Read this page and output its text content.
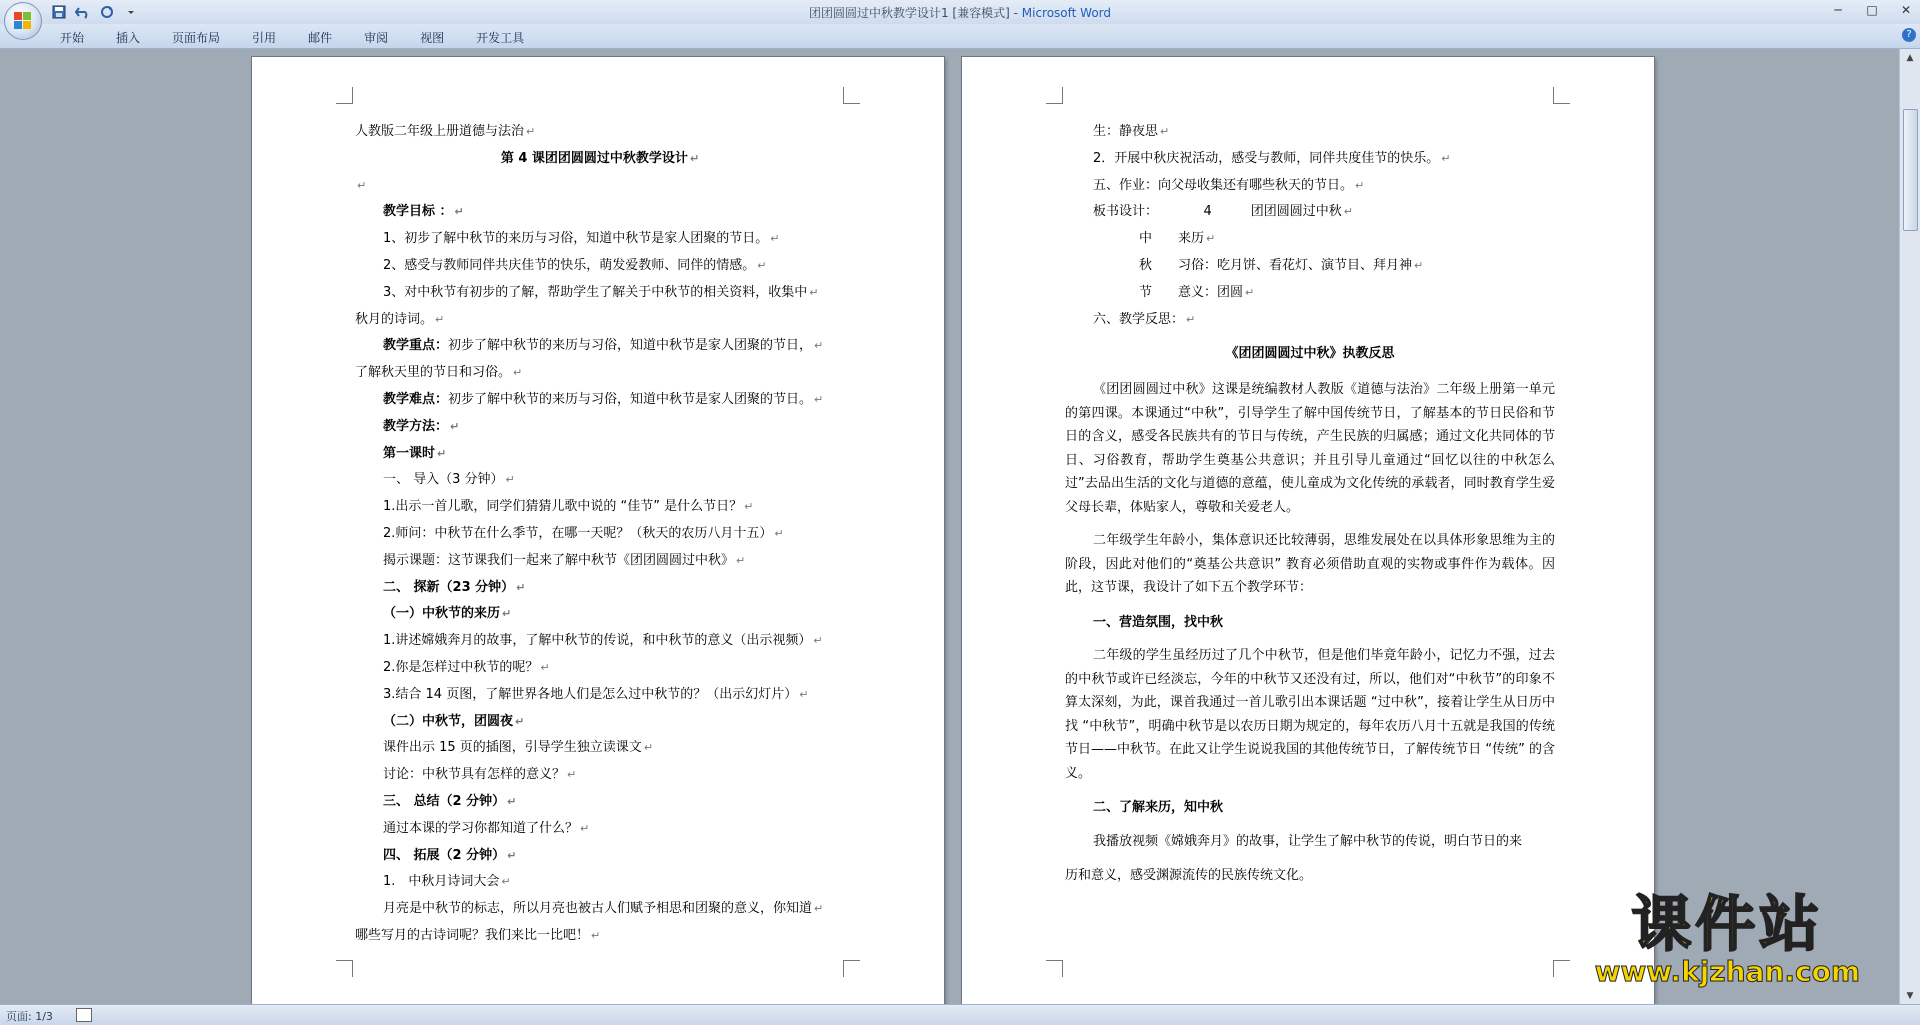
团团圆圆过中秋教学设计1 [兼容模式] - Microsoft Word	─	□	✕
开始	插入	页面布局	引用	邮件	审阅	视图	开发工具	?
人教版二年级上册道德与法治 ↵
第 4 课团团圆圆过中秋教学设计 ↵
↵
教学目标 ： ↵
1、初步了解中秋节的来历与习俗，知道中秋节是家人团聚的节日。 ↵
2、感受与教师同伴共庆佳节的快乐，萌发爱教师、同伴的情感。 ↵
3、对中秋节有初步的了解，帮助学生了解关于中秋节的相关资料，收集中 ↵
秋月的诗词。 ↵
教学重点：初步了解中秋节的来历与习俗，知道中秋节是家人团聚的节日， ↵
了解秋天里的节日和习俗。 ↵
教学难点：初步了解中秋节的来历与习俗，知道中秋节是家人团聚的节日。 ↵
教学方法： ↵
第一课时 ↵
一、 导入（3 分钟） ↵
1.出示一首儿歌，同学们猜猜儿歌中说的 “佳节” 是什么节日？ ↵
2.师问：中秋节在什么季节，在哪一天呢？（秋天的农历八月十五） ↵
揭示课题：这节课我们一起来了解中秋节《团团圆圆过中秋》 ↵
二、 探新（23 分钟） ↵
（一）中秋节的来历 ↵
1.讲述嫦娥奔月的故事，了解中秋节的传说，和中秋节的意义（出示视频） ↵
2.你是怎样过中秋节的呢？ ↵
3.结合 14 页图，了解世界各地人们是怎么过中秋节的？（出示幻灯片） ↵
（二）中秋节，团圆夜 ↵
课件出示 15 页的插图，引导学生独立读课文 ↵
讨论：中秋节具有怎样的意义？ ↵
三、 总结（2 分钟） ↵
通过本课的学习你都知道了什么？ ↵
四、 拓展（2 分钟） ↵
1.　中秋月诗词大会 ↵
月亮是中秋节的标志，所以月亮也被古人们赋予相思和团聚的意义，你知道 ↵
哪些写月的古诗词呢？我们来比一比吧！ ↵
生：静夜思 ↵
2．开展中秋庆祝活动，感受与教师，同伴共度佳节的快乐。 ↵
五、作业：向父母收集还有哪些秋天的节日。 ↵
板书设计：　　　　4　　　团团圆圆过中秋 ↵
中　　来历 ↵
秋　　习俗：吃月饼、看花灯、演节目、拜月神 ↵
节　　意义：团圆 ↵
六、教学反思： ↵
《团团圆圆过中秋》执教反思
《团团圆圆过中秋》这课是统编教材人教版《道德与法治》二年级上册第一单元的第四课。本课通过“中秋”，引导学生了解中国传统节日，了解基本的节日民俗和节日的含义，感受各民族共有的节日与传统，产生民族的归属感；通过文化共同体的节日、习俗教育，帮助学生奠基公共意识；并且引导儿童通过“回忆以往的中秋怎么过”去品出生活的文化与道德的意蕴，使儿童成为文化传统的承载者，同时教育学生爱父母长辈，体贴家人，尊敬和关爱老人。
二年级学生年龄小，集体意识还比较薄弱，思维发展处在以具体形象思维为主的阶段，因此对他们的“奠基公共意识” 教育必须借助直观的实物或事件作为载体。因此，这节课，我设计了如下五个教学环节：
一、营造氛围，找中秋
二年级的学生虽经历过了几个中秋节，但是他们毕竟年龄小，记忆力不强，过去的中秋节或许已经淡忘，今年的中秋节又还没有过，所以，他们对“中秋节”的印象不算太深刻，为此，课首我通过一首儿歌引出本课话题 “过中秋”，接着让学生从日历中找 “中秋节”，明确中秋节是以农历日期为规定的，每年农历八月十五就是我国的传统节日——中秋节。在此又让学生说说我国的其他传统节日，了解传统节日 “传统” 的含义。
二、了解来历，知中秋
我播放视频《嫦娥奔月》的故事，让学生了解中秋节的传说，明白节日的来
历和意义，感受渊源流传的民族传统文化。
课件站
www.kjzhan.com
▲
▼
页面: 1/3
